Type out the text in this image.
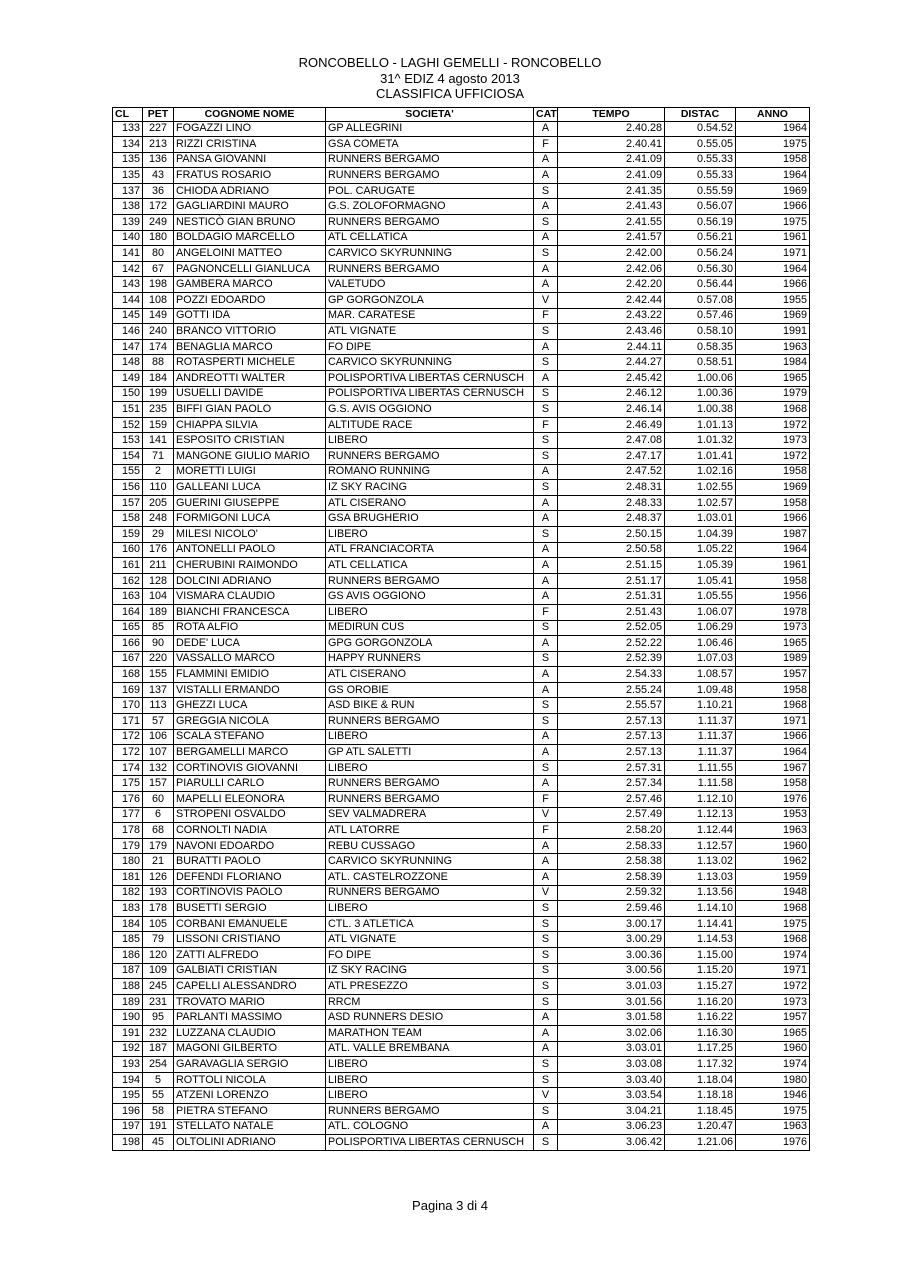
RONCOBELLO - LAGHI GEMELLI - RONCOBELLO
31^ EDIZ 4 agosto 2013
CLASSIFICA UFFICIOSA
CL	PET	COGNOME NOME	SOCIETA'	CAT	TEMPO	DISTAC	ANNO
133	227	FOGAZZI LINO	GP ALLEGRINI	A	2.40.28	0.54.52	1964
134	213	RIZZI CRISTINA	GSA COMETA	F	2.40.41	0.55.05	1975
135	136	PANSA GIOVANNI	RUNNERS BERGAMO	A	2.41.09	0.55.33	1958
135	43	FRATUS ROSARIO	RUNNERS BERGAMO	A	2.41.09	0.55.33	1964
137	36	CHIODA ADRIANO	POL. CARUGATE	S	2.41.35	0.55.59	1969
138	172	GAGLIARDINI MAURO	G.S. ZOLOFORMAGNO	A	2.41.43	0.56.07	1966
139	249	NESTICÒ GIAN BRUNO	RUNNERS BERGAMO	S	2.41.55	0.56.19	1975
140	180	BOLDAGIO MARCELLO	ATL CELLATICA	A	2.41.57	0.56.21	1961
141	80	ANGELOINI MATTEO	CARVICO SKYRUNNING	S	2.42.00	0.56.24	1971
142	67	PAGNONCELLI GIANLUCA	RUNNERS BERGAMO	A	2.42.06	0.56.30	1964
143	198	GAMBERA MARCO	VALETUDO	A	2.42.20	0.56.44	1966
144	108	POZZI EDOARDO	GP GORGONZOLA	V	2.42.44	0.57.08	1955
145	149	GOTTI IDA	MAR. CARATESE	F	2.43.22	0.57.46	1969
146	240	BRANCO VITTORIO	ATL VIGNATE	S	2.43.46	0.58.10	1991
147	174	BENAGLIA MARCO	FO DIPE	A	2.44.11	0.58.35	1963
148	88	ROTASPERTI MICHELE	CARVICO SKYRUNNING	S	2.44.27	0.58.51	1984
149	184	ANDREOTTI WALTER	POLISPORTIVA LIBERTAS CERNUSCH	A	2.45.42	1.00.06	1965
150	199	USUELLI DAVIDE	POLISPORTIVA LIBERTAS CERNUSCH	S	2.46.12	1.00.36	1979
151	235	BIFFI GIAN PAOLO	G.S. AVIS OGGIONO	S	2.46.14	1.00.38	1968
152	159	CHIAPPA SILVIA	ALTITUDE RACE	F	2.46.49	1.01.13	1972
153	141	ESPOSITO CRISTIAN	LIBERO	S	2.47.08	1.01.32	1973
154	71	MANGONE GIULIO MARIO	RUNNERS BERGAMO	S	2.47.17	1.01.41	1972
155	2	MORETTI LUIGI	ROMANO RUNNING	A	2.47.52	1.02.16	1958
156	110	GALLEANI LUCA	IZ SKY RACING	S	2.48.31	1.02.55	1969
157	205	GUERINI GIUSEPPE	ATL CISERANO	A	2.48.33	1.02.57	1958
158	248	FORMIGONI LUCA	GSA BRUGHERIO	A	2.48.37	1.03.01	1966
159	29	MILESI NICOLO'	LIBERO	S	2.50.15	1.04.39	1987
160	176	ANTONELLI PAOLO	ATL FRANCIACORTA	A	2.50.58	1.05.22	1964
161	211	CHERUBINI RAIMONDO	ATL CELLATICA	A	2.51.15	1.05.39	1961
162	128	DOLCINI ADRIANO	RUNNERS BERGAMO	A	2.51.17	1.05.41	1958
163	104	VISMARA CLAUDIO	GS AVIS OGGIONO	A	2.51.31	1.05.55	1956
164	189	BIANCHI FRANCESCA	LIBERO	F	2.51.43	1.06.07	1978
165	85	ROTA ALFIO	MEDIRUN CUS	S	2.52.05	1.06.29	1973
166	90	DEDE' LUCA	GPG GORGONZOLA	A	2.52.22	1.06.46	1965
167	220	VASSALLO MARCO	HAPPY RUNNERS	S	2.52.39	1.07.03	1989
168	155	FLAMMINI EMIDIO	ATL CISERANO	A	2.54.33	1.08.57	1957
169	137	VISTALLI ERMANDO	GS OROBIE	A	2.55.24	1.09.48	1958
170	113	GHEZZI LUCA	ASD BIKE & RUN	S	2.55.57	1.10.21	1968
171	57	GREGGIA NICOLA	RUNNERS BERGAMO	S	2.57.13	1.11.37	1971
172	106	SCALA STEFANO	LIBERO	A	2.57.13	1.11.37	1966
172	107	BERGAMELLI MARCO	GP ATL SALETTI	A	2.57.13	1.11.37	1964
174	132	CORTINOVIS GIOVANNI	LIBERO	S	2.57.31	1.11.55	1967
175	157	PIARULLI CARLO	RUNNERS BERGAMO	A	2.57.34	1.11.58	1958
176	60	MAPELLI ELEONORA	RUNNERS BERGAMO	F	2.57.46	1.12.10	1976
177	6	STROPENI OSVALDO	SEV VALMADRERA	V	2.57.49	1.12.13	1953
178	68	CORNOLTI NADIA	ATL LATORRE	F	2.58.20	1.12.44	1963
179	179	NAVONI EDOARDO	REBU CUSSAGO	A	2.58.33	1.12.57	1960
180	21	BURATTI PAOLO	CARVICO SKYRUNNING	A	2.58.38	1.13.02	1962
181	126	DEFENDI FLORIANO	ATL. CASTELROZZONE	A	2.58.39	1.13.03	1959
182	193	CORTINOVIS PAOLO	RUNNERS BERGAMO	V	2.59.32	1.13.56	1948
183	178	BUSETTI SERGIO	LIBERO	S	2.59.46	1.14.10	1968
184	105	CORBANI EMANUELE	CTL. 3 ATLETICA	S	3.00.17	1.14.41	1975
185	79	LISSONI CRISTIANO	ATL VIGNATE	S	3.00.29	1.14.53	1968
186	120	ZATTI ALFREDO	FO DIPE	S	3.00.36	1.15.00	1974
187	109	GALBIATI CRISTIAN	IZ SKY RACING	S	3.00.56	1.15.20	1971
188	245	CAPELLI ALESSANDRO	ATL PRESEZZO	S	3.01.03	1.15.27	1972
189	231	TROVATO MARIO	RRCM	S	3.01.56	1.16.20	1973
190	95	PARLANTI MASSIMO	ASD RUNNERS DESIO	A	3.01.58	1.16.22	1957
191	232	LUZZANA CLAUDIO	MARATHON TEAM	A	3.02.06	1.16.30	1965
192	187	MAGONI GILBERTO	ATL. VALLE BREMBANA	A	3.03.01	1.17.25	1960
193	254	GARAVAGLIA SERGIO	LIBERO	S	3.03.08	1.17.32	1974
194	5	ROTTOLI NICOLA	LIBERO	S	3.03.40	1.18.04	1980
195	55	ATZENI LORENZO	LIBERO	V	3.03.54	1.18.18	1946
196	58	PIETRA STEFANO	RUNNERS BERGAMO	S	3.04.21	1.18.45	1975
197	191	STELLATO NATALE	ATL. COLOGNO	A	3.06.23	1.20.47	1963
198	45	OLTOLINI ADRIANO	POLISPORTIVA LIBERTAS CERNUSCH	S	3.06.42	1.21.06	1976
Pagina 3 di 4
